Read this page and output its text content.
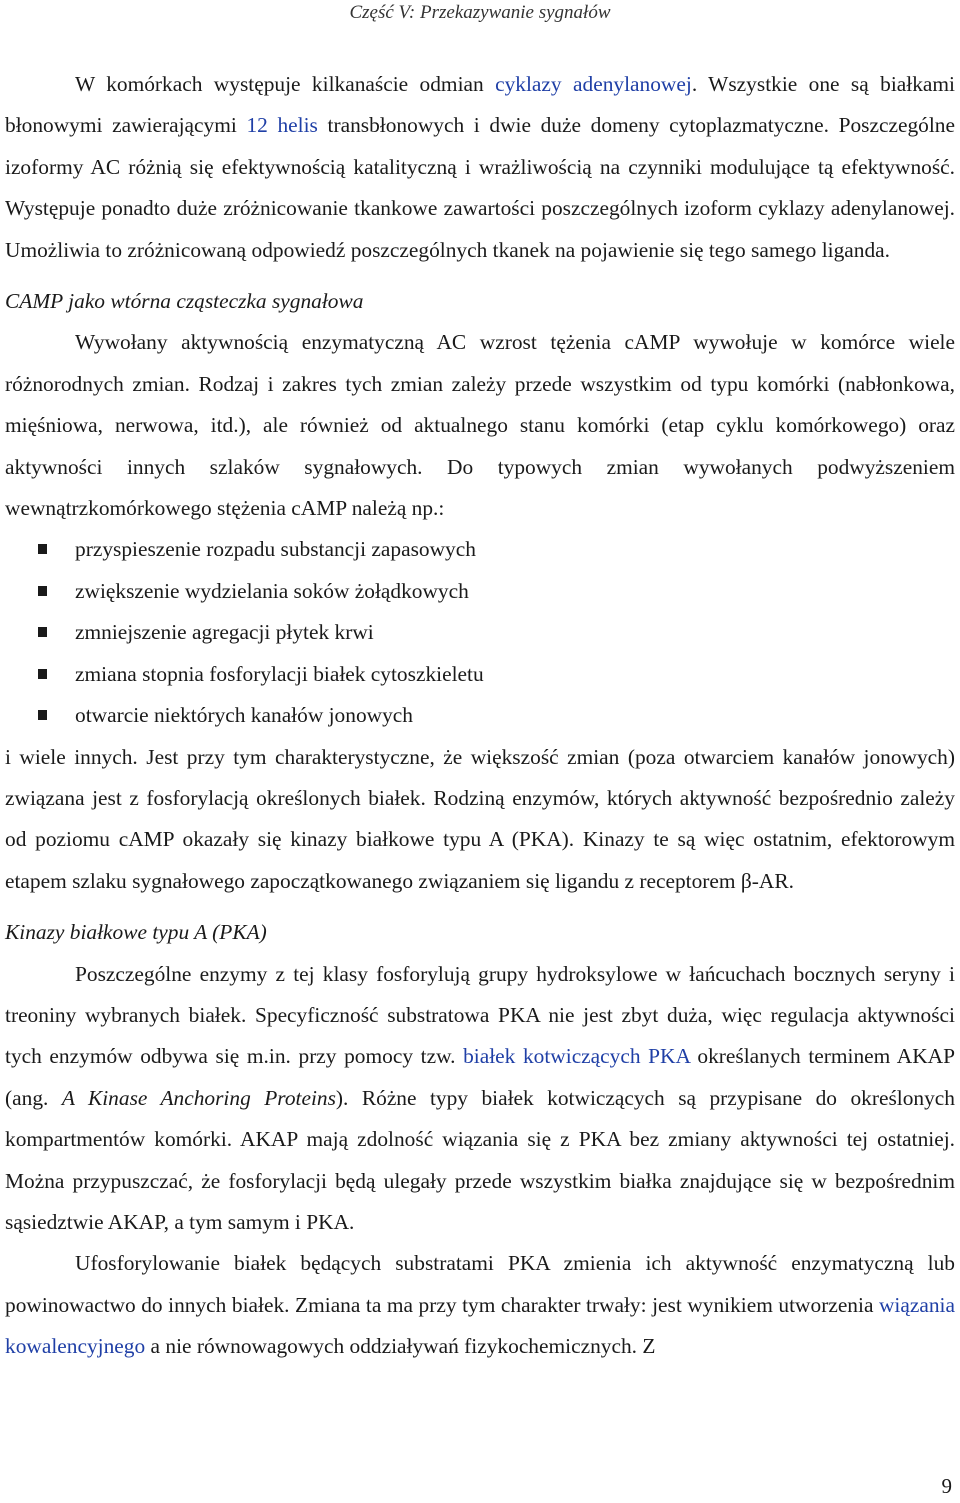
Część V: Przekazywanie sygnałów

W komórkach występuje kilkanaście odmian cyklazy adenylanowej. Wszystkie one są białkami błonowymi zawierającymi 12 helis transbłonowych i dwie duże domeny cytoplazmatyczne. Poszczególne izoformy AC różnią się efektywnością katalityczną i wrażliwością na czynniki modulujące tą efektywność. Występuje ponadto duże zróżnicowanie tkankowe zawartości poszczególnych izoform cyklazy adenylanowej. Umożliwia to zróżnicowaną odpowiedź poszczególnych tkanek na pojawienie się tego samego liganda.

CAMP jako wtórna cząsteczka sygnałowa

Wywołany aktywnością enzymatyczną AC wzrost tężenia cAMP wywołuje w komórce wiele różnorodnych zmian. Rodzaj i zakres tych zmian zależy przede wszystkim od typu komórki (nabłonkowa, mięśniowa, nerwowa, itd.), ale również od aktualnego stanu komórki (etap cyklu komórkowego) oraz aktywności innych szlaków sygnałowych. Do typowych zmian wywołanych podwyższeniem wewnątrzkomórkowego stężenia cAMP należą np.:

przyspieszenie rozpadu substancji zapasowych
zwiększenie wydzielania soków żołądkowych
zmniejszenie agregacji płytek krwi
zmiana stopnia fosforylacji białek cytoszkieletu
otwarcie niektórych kanałów jonowych

i wiele innych. Jest przy tym charakterystyczne, że większość zmian (poza otwarciem kanałów jonowych) związana jest z fosforylacją określonych białek. Rodziną enzymów, których aktywność bezpośrednio zależy od poziomu cAMP okazały się kinazy białkowe typu A (PKA). Kinazy te są więc ostatnim, efektorowym etapem szlaku sygnałowego zapoczątkowanego związaniem się ligandu z receptorem β-AR.

Kinazy białkowe typu A (PKA)

Poszczególne enzymy z tej klasy fosforylują grupy hydroksylowe w łańcuchach bocznych seryny i treoniny wybranych białek. Specyficzność substratowa PKA nie jest zbyt duża, więc regulacja aktywności tych enzymów odbywa się m.in. przy pomocy tzw. białek kotwiczących PKA określanych terminem AKAP (ang. A Kinase Anchoring Proteins). Różne typy białek kotwiczących są przypisane do określonych kompartmentów komórki. AKAP mają zdolność wiązania się z PKA bez zmiany aktywności tej ostatniej. Można przypuszczać, że fosforylacji będą ulegały przede wszystkim białka znajdujące się w bezpośrednim sąsiedztwie AKAP, a tym samym i PKA.

Ufosforylowanie białek będących substratami PKA zmienia ich aktywność enzymatyczną lub powinowactwo do innych białek. Zmiana ta ma przy tym charakter trwały: jest wynikiem utworzenia wiązania kowalencyjnego a nie równowagowych oddziaływań fizykochemicznych. Z

9
